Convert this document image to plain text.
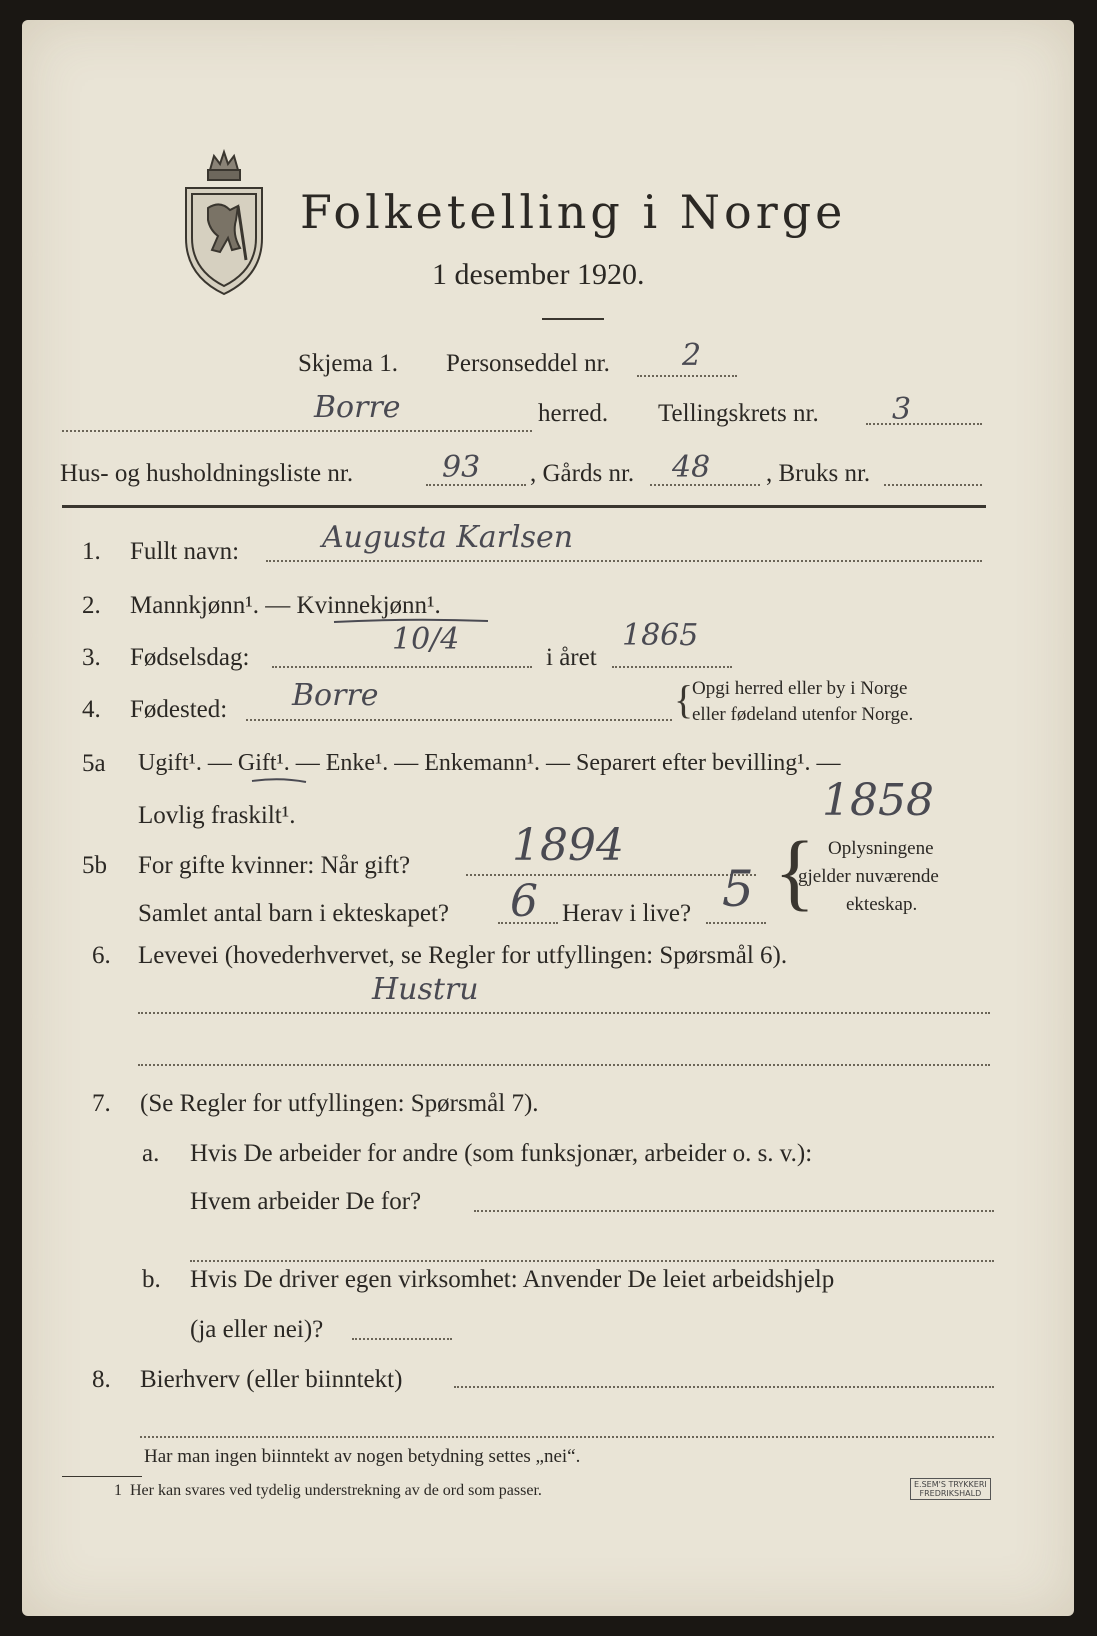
Folketelling i Norge
1 desember 1920.
Skjema 1. Personseddel nr. 2
Borre	herred. Tellingskrets nr. 3
Hus- og husholdningsliste nr.	93 , Gårds nr. 48 , Bruks nr.
1. Fullt navn:	Augusta Karlsen
2. Mannkjønn¹. — Kvinnekjønn¹.
3. Fødselsdag:
10/4
i året
1865
4. Fødested: Borre	{
Opgi herred eller by i Norge
eller fødeland utenfor Norge.
5a Ugift¹. — Gift¹. — Enke¹. — Enkemann¹. — Separert efter bevilling¹. —
Lovlig fraskilt¹.	1858
5b For gifte kvinner: Når gift? 1894
Samlet antal barn i ekteskapet? 6 Herav i live? 5 { Oplysningene
gjelder nuværende
ekteskap.
6. Levevei (hovederhvervet, se Regler for utfyllingen: Spørsmål 6).
Hustru
7. (Se Regler for utfyllingen: Spørsmål 7).
a. Hvis De arbeider for andre (som funksjonær, arbeider o. s. v.):
Hvem arbeider De for?
b. Hvis De driver egen virksomhet: Anvender De leiet arbeidshjelp
(ja eller nei)?
8. Bierhverv (eller biinntekt)
Har man ingen biinntekt av nogen betydning settes „nei“.
1 Her kan svares ved tydelig understrekning av de ord som passer.	E.SEM'S TRYKKERI
FREDRIKSHALD
